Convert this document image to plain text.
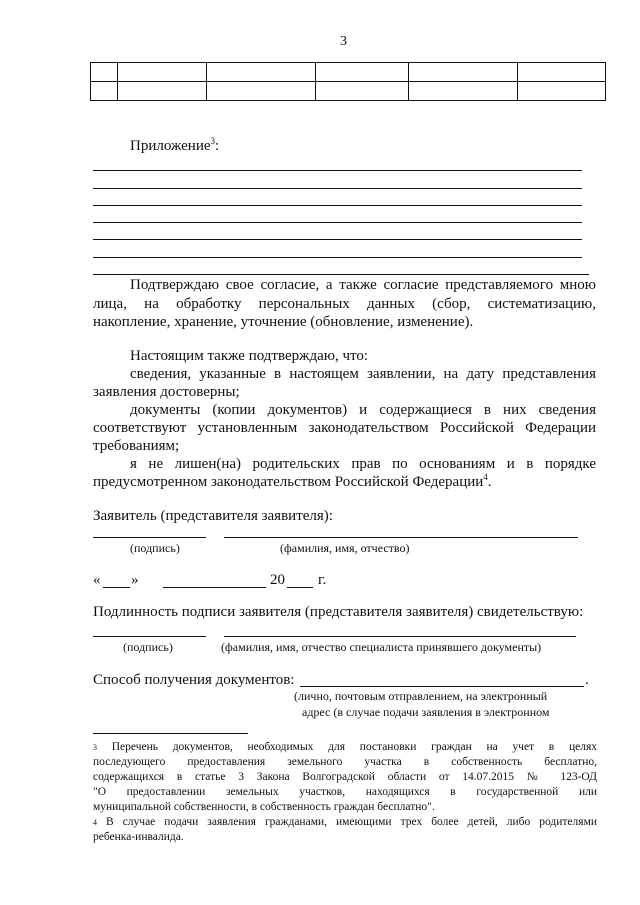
3

Приложение$^3$:
Подтверждаю свое согласие, а также согласие представляемого мною
лица, на обработку персональных данных (сбор, систематизацию,
накопление, хранение, уточнение (обновление, изменение).
Настоящим также подтверждаю, что:
сведения, указанные в настоящем заявлении, на дату представления
заявления достоверны;
документы (копии документов) и содержащиеся в них сведения
соответствуют установленным законодательством Российской Федерации
требованиям;
я не лишен(на) родительских прав по основаниям и в порядке
предусмотренном законодательством Российской Федерации$^4$.
Заявитель (представителя заявителя):
(подпись)	(фамилия, имя, отчество)
« »	20 г.
Подлинность подписи заявителя (представителя заявителя) свидетельствую:
(подпись)	(фамилия, имя, отчество специалиста принявшего документы)
Способ получения документов:	.
(лично, почтовым отправлением, на электронный
адрес (в случае подачи заявления в электронном
$^3$ Перечень документов, необходимых для постановки граждан на учет в целях
последующего предоставления земельного участка в собственность бесплатно,
содержащихся в статье 3 Закона Волгоградской области от 14.07.2015 № 123-ОД
"О предоставлении земельных участков, находящихся в государственной или
муниципальной собственности, в собственность граждан бесплатно".
$^4$ В случае подачи заявления гражданами, имеющими трех более детей, либо родителями
ребенка-инвалида.
